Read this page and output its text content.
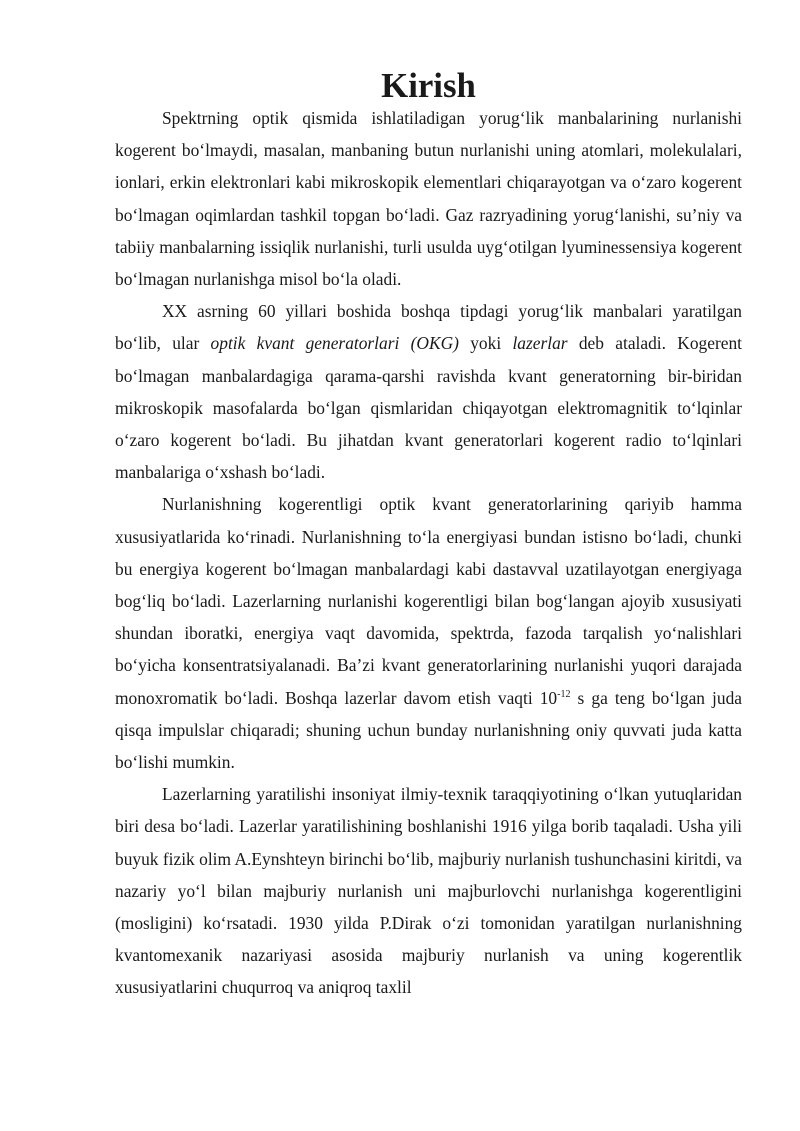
Kirish

Spektrning optik qismida ishlatiladigan yorug‘lik manbalarining nurlanishi kogerent bo‘lmaydi, masalan, manbaning butun nurlanishi uning atomlari, molekulalari, ionlari, erkin elektronlari kabi mikroskopik elementlari chiqarayotgan va o‘zaro kogerent bo‘lmagan oqimlardan tashkil topgan bo‘ladi. Gaz razryadining yorug‘lanishi, su’niy va tabiiy manbalarning issiqlik nurlanishi, turli usulda uyg‘otilgan lyuminessensiya kogerent bo‘lmagan nurlanishga misol bo‘la oladi.

XX asrning 60 yillari boshida boshqa tipdagi yorug‘lik manbalari yaratilgan bo‘lib, ular optik kvant generatorlari (OKG) yoki lazerlar deb ataladi. Kogerent bo‘lmagan manbalardagiga qarama-qarshi ravishda kvant generatorning bir-biridan mikroskopik masofalarda bo‘lgan qismlaridan chiqayotgan elektromagnitik to‘lqinlar o‘zaro kogerent bo‘ladi. Bu jihatdan kvant generatorlari kogerent radio to‘lqinlari manbalariga o‘xshash bo‘ladi.

Nurlanishning kogerentligi optik kvant generatorlarining qariyib hamma xususiyatlarida ko‘rinadi. Nurlanishning to‘la energiyasi bundan istisno bo‘ladi, chunki bu energiya kogerent bo‘lmagan manbalardagi kabi dastavval uzatilayotgan energiyaga bog‘liq bo‘ladi. Lazerlarning nurlanishi kogerentligi bilan bog‘langan ajoyib xususiyati shundan iboratki, energiya vaqt davomida, spektrda, fazoda tarqalish yo‘nalishlari bo‘yicha konsentratsiyalanadi. Ba’zi kvant generatorlarining nurlanishi yuqori darajada monoxromatik bo‘ladi. Boshqa lazerlar davom etish vaqti $10^{-12}$ s ga teng bo‘lgan juda qisqa impulslar chiqaradi; shuning uchun bunday nurlanishning oniy quvvati juda katta bo‘lishi mumkin.

Lazerlarning yaratilishi insoniyat ilmiy-texnik taraqqiyotining o‘lkan yutuqlaridan biri desa bo‘ladi. Lazerlar yaratilishining boshlanishi 1916 yilga borib taqaladi. Usha yili buyuk fizik olim A.Eynshteyn birinchi bo‘lib, majburiy nurlanish tushunchasini kiritdi, va nazariy yo‘l bilan majburiy nurlanish uni majburlovchi nurlanishga kogerentligini (mosligini) ko‘rsatadi. 1930 yilda P.Dirak o‘zi tomonidan yaratilgan nurlanishning kvantomexanik nazariyasi asosida majburiy nurlanish va uning kogerentlik xususiyatlarini chuqurroq va aniqroq taxlil
